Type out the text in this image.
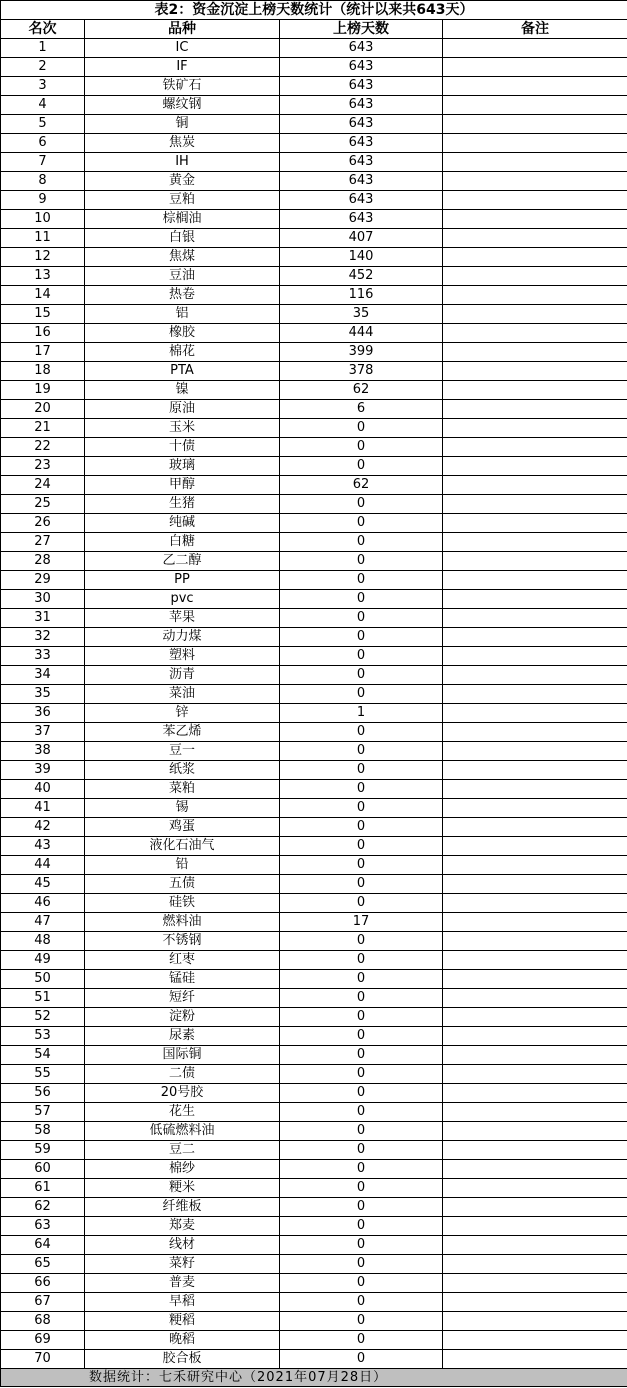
表2：资金沉淀上榜天数统计（统计以来共643天）			
名次	品种	上榜天数	备注
1	IC	643	
2	IF	643	
3	铁矿石	643	
4	螺纹钢	643	
5	铜	643	
6	焦炭	643	
7	IH	643	
8	黄金	643	
9	豆粕	643	
10	棕榈油	643	
11	白银	407	
12	焦煤	140	
13	豆油	452	
14	热卷	116	
15	铝	35	
16	橡胶	444	
17	棉花	399	
18	PTA	378	
19	镍	62	
20	原油	6	
21	玉米	0	
22	十债	0	
23	玻璃	0	
24	甲醇	62	
25	生猪	0	
26	纯碱	0	
27	白糖	0	
28	乙二醇	0	
29	PP	0	
30	pvc	0	
31	苹果	0	
32	动力煤	0	
33	塑料	0	
34	沥青	0	
35	菜油	0	
36	锌	1	
37	苯乙烯	0	
38	豆一	0	
39	纸浆	0	
40	菜粕	0	
41	锡	0	
42	鸡蛋	0	
43	液化石油气	0	
44	铅	0	
45	五债	0	
46	硅铁	0	
47	燃料油	17	
48	不锈钢	0	
49	红枣	0	
50	锰硅	0	
51	短纤	0	
52	淀粉	0	
53	尿素	0	
54	国际铜	0	
55	二债	0	
56	20号胶	0	
57	花生	0	
58	低硫燃料油	0	
59	豆二	0	
60	棉纱	0	
61	粳米	0	
62	纤维板	0	
63	郑麦	0	
64	线材	0	
65	菜籽	0	
66	普麦	0	
67	早稻	0	
68	粳稻	0	
69	晚稻	0	
70	胶合板	0	
数据统计：七禾研究中心（2021年07月28日）			
